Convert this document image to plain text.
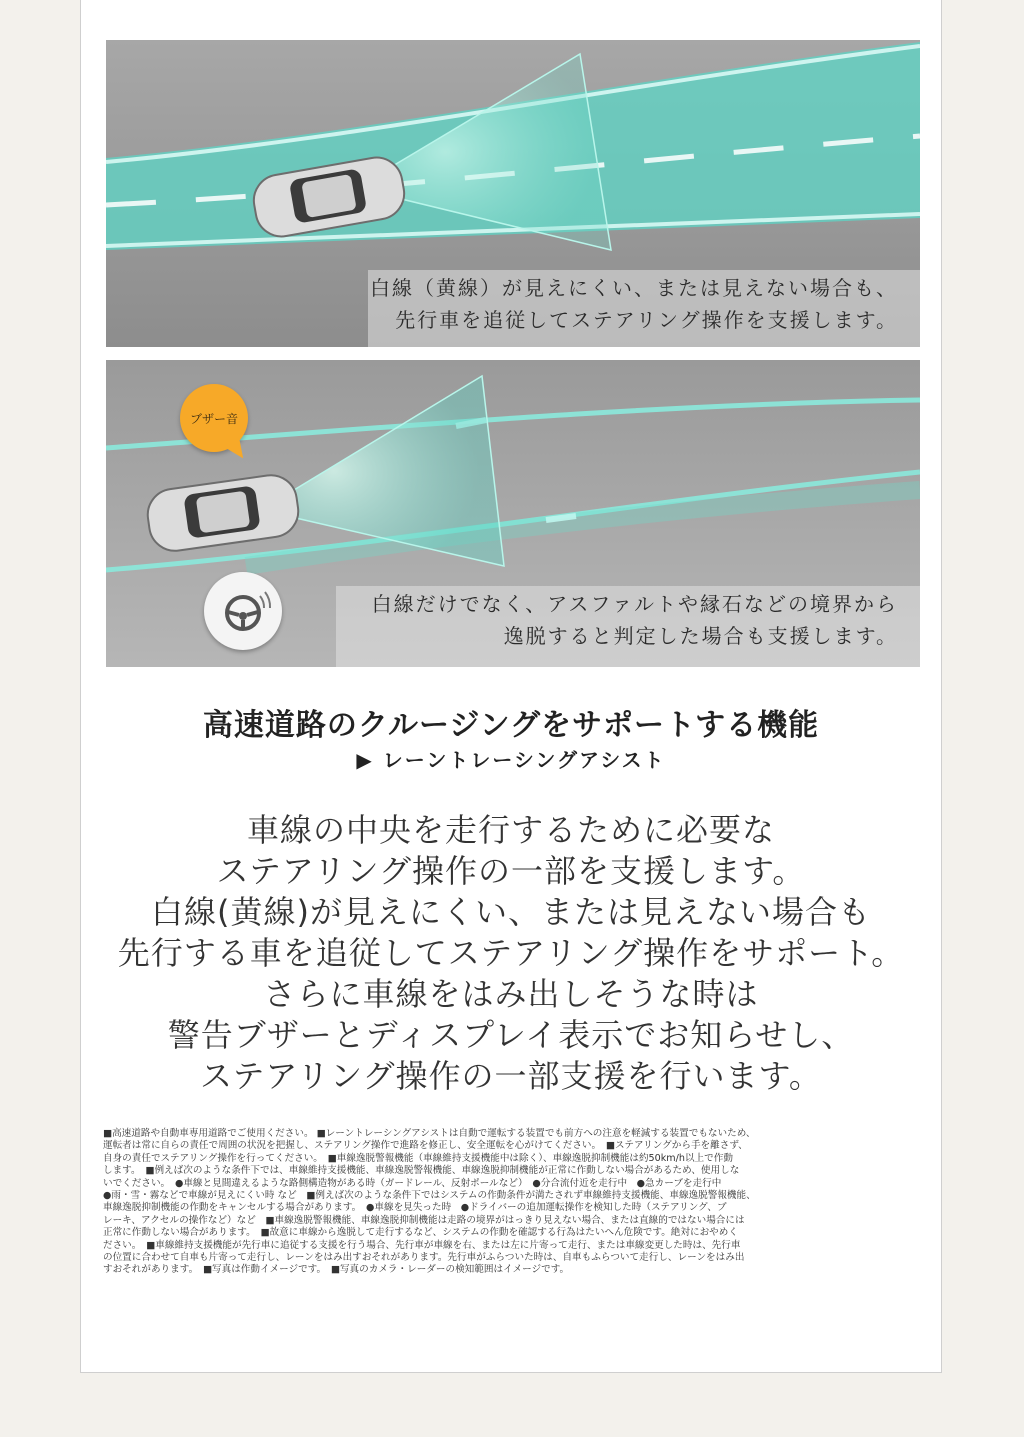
白線（黄線）が見えにくい、または見えない場合も、
先行車を追従してステアリング操作を支援します。
ブザー音
白線だけでなく、アスファルトや縁石などの境界から
逸脱すると判定した場合も支援します。
高速道路のクルージングをサポートする機能
▶ レーントレーシングアシスト
車線の中央を走行するために必要な
ステアリング操作の一部を支援します。
白線(黄線)が見えにくい、または見えない場合も
先行する車を追従してステアリング操作をサポート。
さらに車線をはみ出しそうな時は
警告ブザーとディスプレイ表示でお知らせし、
ステアリング操作の一部支援を行います。
■高速道路や自動車専用道路でご使用ください。 ■レーントレーシングアシストは自動で運転する装置でも前方への注意を軽減する装置でもないため、
運転者は常に自らの責任で周囲の状況を把握し、ステアリング操作で進路を修正し、安全運転を心がけてください。　■ステアリングから手を離さず、
自身の責任でステアリング操作を行ってください。　■車線逸脱警報機能（車線維持支援機能中は除く）、車線逸脱抑制機能は約50km/h以上で作動
します。　■例えば次のような条件下では、車線維持支援機能、車線逸脱警報機能、車線逸脱抑制機能が正常に作動しない場合があるため、使用しな
いでください。　●車線と見間違えるような路側構造物がある時（ガードレール、反射ポールなど）　●分合流付近を走行中　●急カーブを走行中
●雨・雪・霧などで車線が見えにくい時 など　■例えば次のような条件下ではシステムの作動条件が満たされず車線維持支援機能、車線逸脱警報機能、
車線逸脱抑制機能の作動をキャンセルする場合があります。　●車線を見失った時　●ドライバーの追加運転操作を検知した時（ステアリング、ブ
レーキ、アクセルの操作など）など　■車線逸脱警報機能、車線逸脱抑制機能は走路の境界がはっきり見えない場合、または直線的ではない場合には
正常に作動しない場合があります。　■故意に車線から逸脱して走行するなど、システムの作動を確認する行為はたいへん危険です。絶対におやめく
ださい。　■車線維持支援機能が先行車に追従する支援を行う場合、先行車が車線を右、または左に片寄って走行、または車線変更した時は、先行車
の位置に合わせて自車も片寄って走行し、レーンをはみ出すおそれがあります。先行車がふらついた時は、自車もふらついて走行し、レーンをはみ出
すおそれがあります。　■写真は作動イメージです。　■写真のカメラ・レーダーの検知範囲はイメージです。
